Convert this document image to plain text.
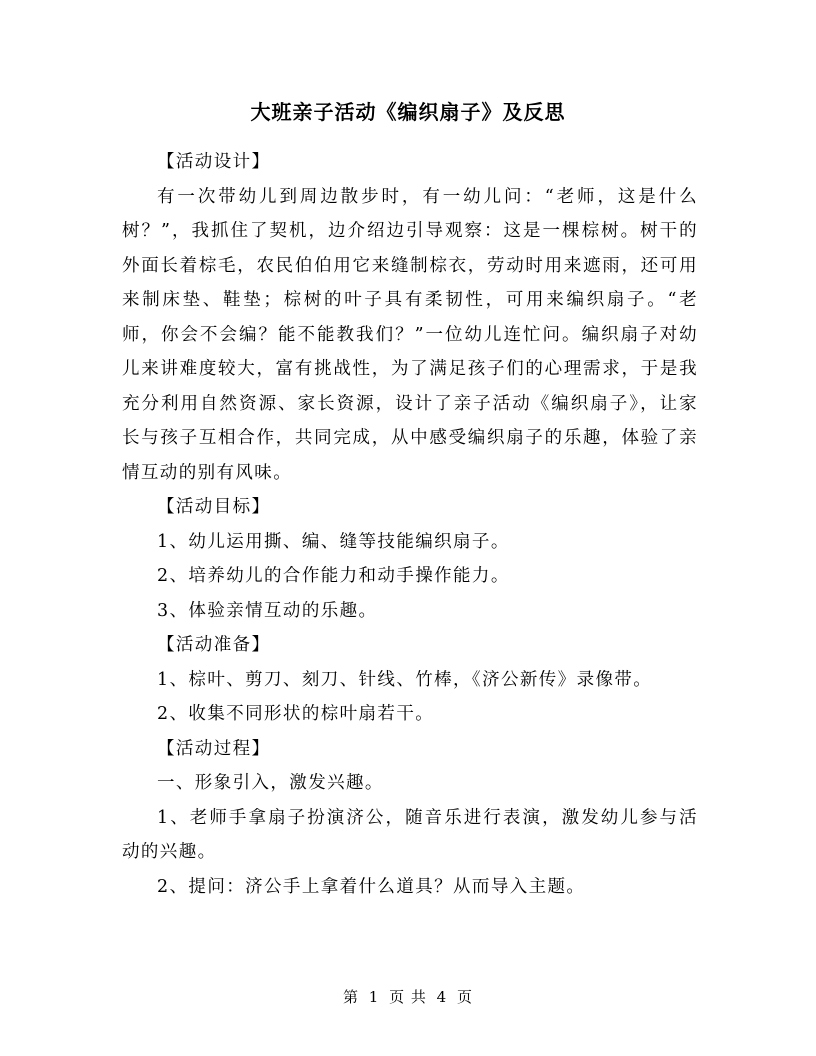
大班亲子活动《编织扇子》及反思

【活动设计】

有一次带幼儿到周边散步时，有一幼儿问：“老师，这是什么树？”，我抓住了契机，边介绍边引导观察：这是一棵棕树。树干的外面长着棕毛，农民伯伯用它来缝制棕衣，劳动时用来遮雨，还可用来制床垫、鞋垫；棕树的叶子具有柔韧性，可用来编织扇子。“老师，你会不会编？能不能教我们？”一位幼儿连忙问。编织扇子对幼儿来讲难度较大，富有挑战性，为了满足孩子们的心理需求，于是我充分利用自然资源、家长资源，设计了亲子活动《编织扇子》，让家长与孩子互相合作，共同完成，从中感受编织扇子的乐趣，体验了亲情互动的别有风味。

【活动目标】

1、幼儿运用撕、编、缝等技能编织扇子。

2、培养幼儿的合作能力和动手操作能力。

3、体验亲情互动的乐趣。

【活动准备】

1、棕叶、剪刀、刻刀、针线、竹棒，《济公新传》录像带。

2、收集不同形状的棕叶扇若干。

【活动过程】

一、形象引入，激发兴趣。

1、老师手拿扇子扮演济公，随音乐进行表演，激发幼儿参与活动的兴趣。

2、提问：济公手上拿着什么道具？从而导入主题。

第 1 页 共 4 页
